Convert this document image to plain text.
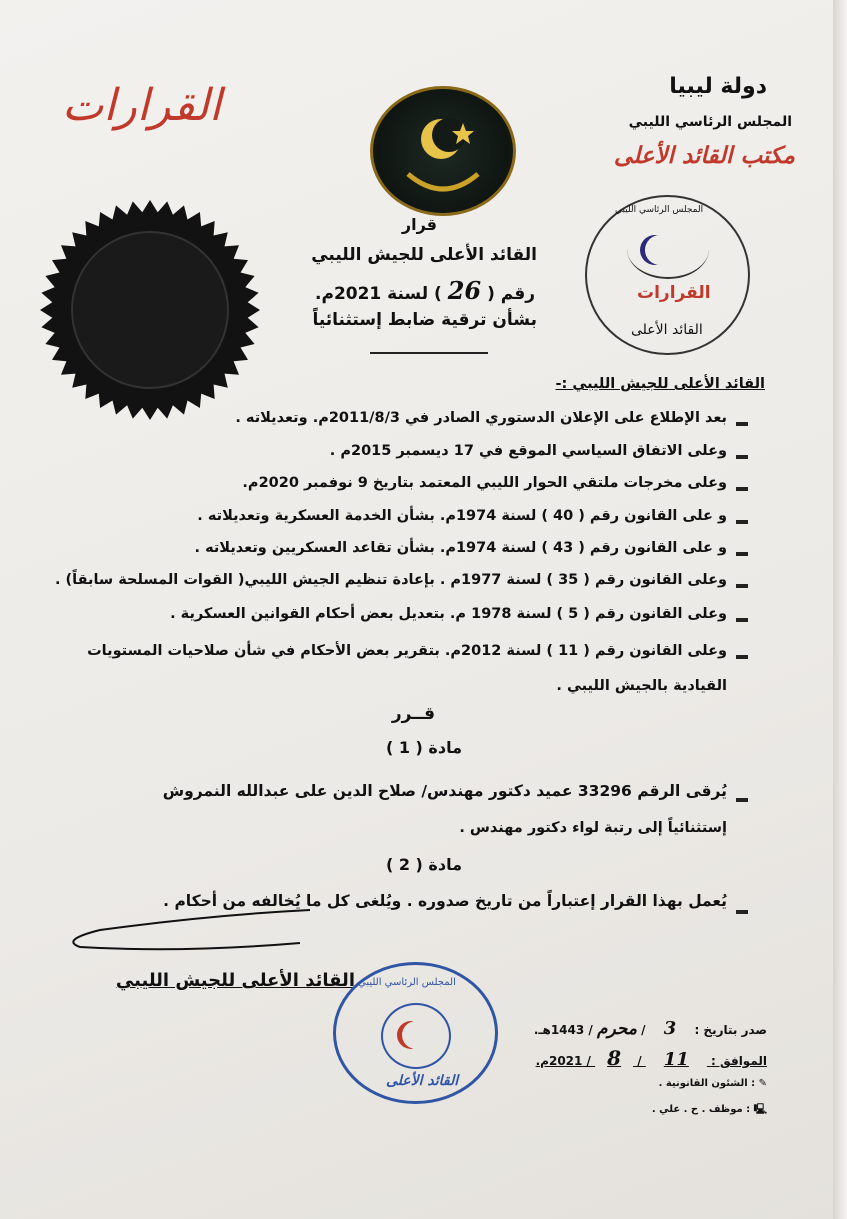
دولة ليبيا
المجلس الرئاسي الليبي
مكتب القائد الأعلى
القرارات
المجلس الرئاسي الليبي
القرارات
القائد الأعلى
قرار
القائد الأعلى للجيش الليبي
رقم ( 26 ) لسنة 2021م.
بشأن ترقية ضابط إستثنائياً
القائد الأعلى للجيش الليبي :-
بعد الإطلاع على الإعلان الدستوري الصادر في 2011/8/3م. وتعديلاته .
وعلى الاتفاق السياسي الموقع في 17 ديسمبر 2015م .
وعلى مخرجات ملتقي الحوار الليبي المعتمد بتاريخ 9 نوفمبر 2020م.
و على القانون رقم ( 40 ) لسنة 1974م. بشأن الخدمة العسكرية وتعديلاته .
و على القانون رقم ( 43 ) لسنة 1974م. بشأن تقاعد العسكريين وتعديلاته .
وعلى القانون رقم ( 35 ) لسنة 1977م . بإعادة تنظيم الجيش الليبي( القوات المسلحة سابقاً) .
وعلى القانون رقم ( 5 ) لسنة 1978 م. بتعديل بعض أحكام القوانين العسكرية .
وعلى القانون رقم ( 11 ) لسنة 2012م. بتقرير بعض الأحكام في شأن صلاحيات المستويات
القيادية بالجيش الليبي .
قــرر
مادة ( 1 )
يُرقى الرقم 33296 عميد دكتور مهندس/ صلاح الدين على عبدالله النمروش
إستثنائياً إلى رتبة لواء دكتور مهندس .
مادة ( 2 )
يُعمل بهذا القرار إعتباراً من تاريخ صدوره . ويُلغى كل ما يُخالفه من أحكام .
القائد الأعلى للجيش الليبي المجلس الرئاسي الليبي
القائد الأعلى
صدر بتاريخ : 3 / محرم / 1443هـ.
الموافق : 11 / 8 / 2021م.
✎ : الشئون القانونية .
🖳 : موظف . ح . علي .
